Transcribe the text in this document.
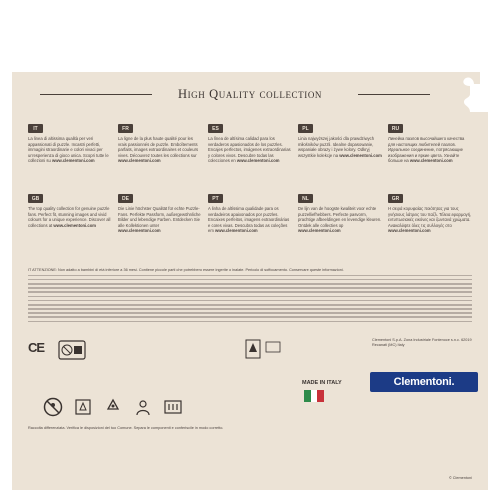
High Quality collection
IT
La linea di altissima qualità per veri appassionati di puzzle. Incastri perfetti, immagini straordinarie e colori vivaci per un'esperienza di gioco unica. Scopri tutte le collezioni su www.clementoni.com
FR
La ligne de la plus haute qualité pour les vrais passionnés de puzzle. Emboîtements parfaits, images extraordinaires et couleurs vives. Découvrez toutes les collections sur www.clementoni.com
ES
La línea de altísima calidad para los verdaderos apasionados de los puzzles. Encajes perfectos, imágenes extraordinarias y colores vivos. Descubre todas las colecciones en www.clementoni.com
PL
Linia najwyższej jakości dla prawdziwych miłośników puzzli. Idealne dopasowanie, wspaniałe obrazy i żywe kolory. Odkryj wszystkie kolekcje na www.clementoni.com
RU
Линейка пазлов высочайшего качества для настоящих любителей пазлов. Идеальное соединение, потрясающие изображения и яркие цвета. Узнайте больше на www.clementoni.com
GB
The top quality collection for genuine puzzle fans. Perfect fit, stunning images and vivid colours for a unique experience. Discover all collections at www.clementoni.com
DE
Die Linie höchster Qualität für echte Puzzle-Fans. Perfekte Passform, außergewöhnliche Bilder und lebendige Farben. Entdecken Sie alle Kollektionen unter www.clementoni.com
PT
A linha de altíssima qualidade para os verdadeiros apaixonados por puzzles. Encaixes perfeitos, imagens extraordinárias e cores vivas. Descubra todas as coleções em www.clementoni.com
NL
De lijn van de hoogste kwaliteit voor echte puzzelliefhebbers. Perfecte pasvorm, prachtige afbeeldingen en levendige kleuren. Ontdek alle collecties op www.clementoni.com
GR
Η σειρά κορυφαίας ποιότητας για τους γνήσιους λάτρεις του παζλ. Τέλεια εφαρμογή, εντυπωσιακές εικόνες και ζωντανά χρώματα. Ανακαλύψτε όλες τις συλλογές στο www.clementoni.com
IT ATTENZIONE: Non adatto a bambini di età inferiore a 36 mesi. Contiene piccole parti che potrebbero essere ingerite o inalate. Pericolo di soffocamento. Conservare queste informazioni.
CE
MADE IN ITALY
Clementoni S.p.A. Zona Industriale Fontenoce s.n.c. 62019 Recanati (MC) Italy
Clementoni.
Raccolta differenziata. Verifica le disposizioni del tuo Comune. Separa le componenti e conferiscile in modo corretto.
© Clementoni
